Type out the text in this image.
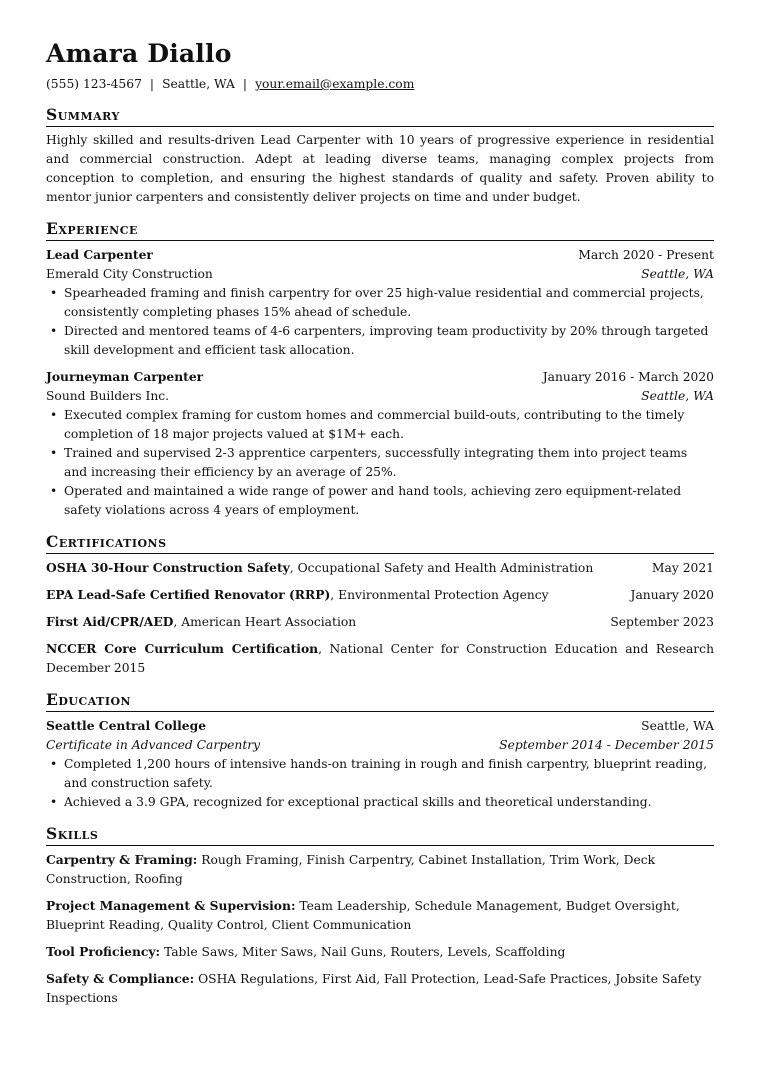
Amara Diallo
(555) 123-4567 | Seattle, WA | your.email@example.com
Summary
Highly skilled and results-driven Lead Carpenter with 10 years of progressive experience in residential and commercial construction. Adept at leading diverse teams, managing complex projects from conception to completion, and ensuring the highest standards of quality and safety. Proven ability to mentor junior carpenters and consistently deliver projects on time and under budget.
Experience
Lead Carpenter	March 2020 - Present
Emerald City Construction	Seattle, WA
• Spearheaded framing and finish carpentry for over 25 high-value residential and commercial projects, consistently completing phases 15% ahead of schedule.
• Directed and mentored teams of 4-6 carpenters, improving team productivity by 20% through targeted skill development and efficient task allocation.
Journeyman Carpenter	January 2016 - March 2020
Sound Builders Inc.	Seattle, WA
• Executed complex framing for custom homes and commercial build-outs, contributing to the timely completion of 18 major projects valued at $1M+ each.
• Trained and supervised 2-3 apprentice carpenters, successfully integrating them into project teams and increasing their efficiency by an average of 25%.
• Operated and maintained a wide range of power and hand tools, achieving zero equipment-related safety violations across 4 years of employment.
Certifications
OSHA 30-Hour Construction Safety, Occupational Safety and Health Administration	May 2021
EPA Lead-Safe Certified Renovator (RRP), Environmental Protection Agency	January 2020
First Aid/CPR/AED, American Heart Association	September 2023
NCCER Core Curriculum Certification, National Center for Construction Education and Research December 2015
Education
Seattle Central College	Seattle, WA
Certificate in Advanced Carpentry	September 2014 - December 2015
• Completed 1,200 hours of intensive hands-on training in rough and finish carpentry, blueprint reading, and construction safety.
• Achieved a 3.9 GPA, recognized for exceptional practical skills and theoretical understanding.
Skills

Carpentry & Framing: Rough Framing, Finish Carpentry, Cabinet Installation, Trim Work, Deck Construction, Roofing

Project Management & Supervision: Team Leadership, Schedule Management, Budget Oversight, Blueprint Reading, Quality Control, Client Communication

Tool Proficiency: Table Saws, Miter Saws, Nail Guns, Routers, Levels, Scaffolding

Safety & Compliance: OSHA Regulations, First Aid, Fall Protection, Lead-Safe Practices, Jobsite Safety Inspections
